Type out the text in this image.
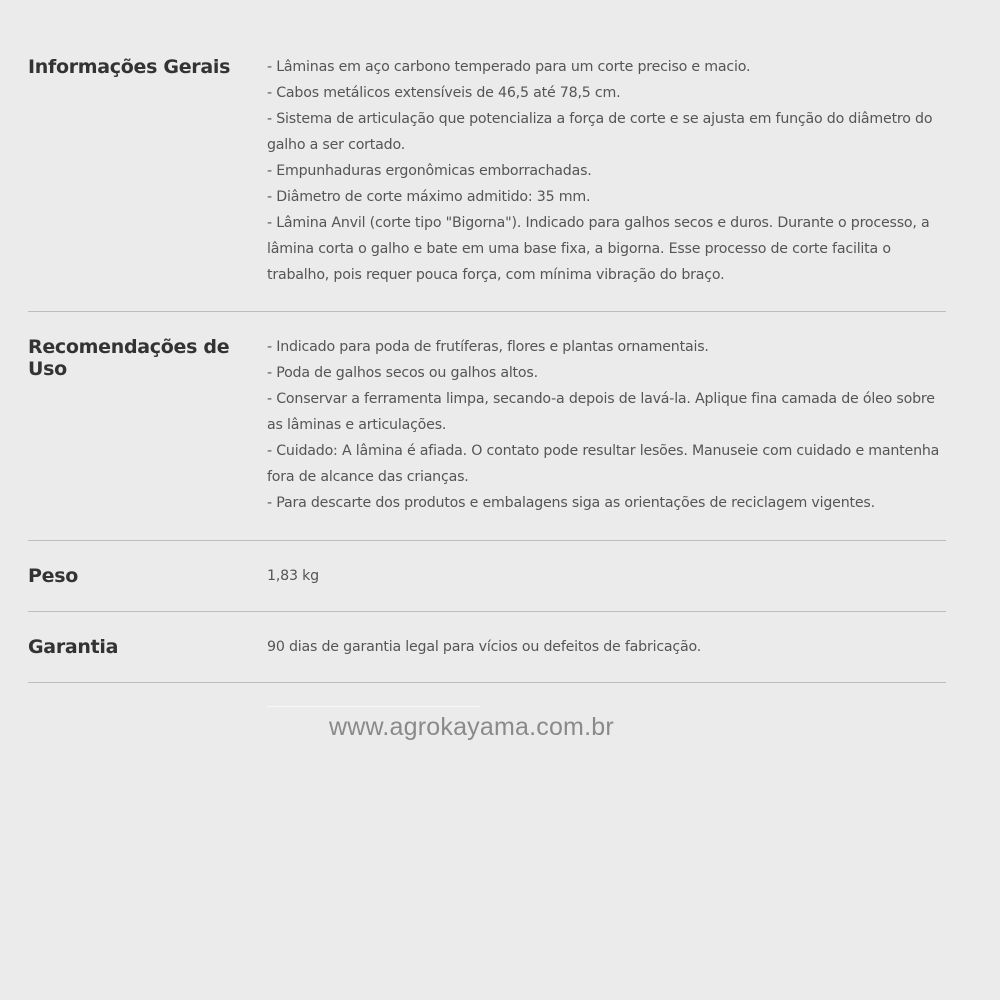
Informações Gerais	- Lâminas em aço carbono temperado para um corte preciso e macio.
- Cabos metálicos extensíveis de 46,5 até 78,5 cm.
- Sistema de articulação que potencializa a força de corte e se ajusta em função do diâmetro do
galho a ser cortado.
- Empunhaduras ergonômicas emborrachadas.
- Diâmetro de corte máximo admitido: 35 mm.
- Lâmina Anvil (corte tipo "Bigorna"). Indicado para galhos secos e duros. Durante o processo, a
lâmina corta o galho e bate em uma base fixa, a bigorna. Esse processo de corte facilita o
trabalho, pois requer pouca força, com mínima vibração do braço.
Recomendações de Uso
- Indicado para poda de frutíferas, flores e plantas ornamentais.
- Poda de galhos secos ou galhos altos.
- Conservar a ferramenta limpa, secando-a depois de lavá-la. Aplique fina camada de óleo sobre
as lâminas e articulações.
- Cuidado: A lâmina é afiada. O contato pode resultar lesões. Manuseie com cuidado e mantenha
fora de alcance das crianças.
- Para descarte dos produtos e embalagens siga as orientações de reciclagem vigentes.
Peso	1,83 kg
Garantia	90 dias de garantia legal para vícios ou defeitos de fabricação.
www.agrokayama.com.br
